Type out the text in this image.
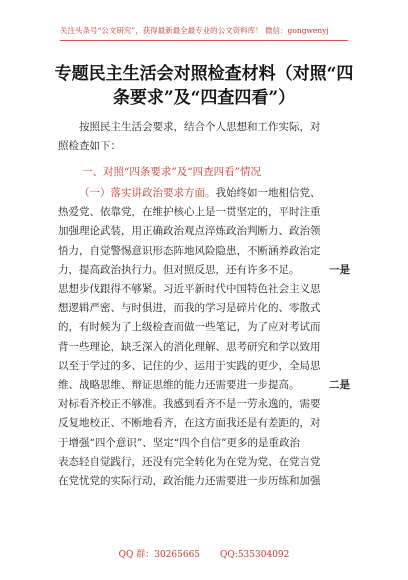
关注头条号“公文研究”，获得最新最全最专业的公文资料库！ 微信：gongwenyj
专题民主生活会对照检查材料（对照“四
条要求”及“四查四看”）
按照民主生活会要求，结合个人思想和工作实际，对
照检查如下：
一、对照“四条要求”及“四查四看”情况
（一）落实讲政治要求方面。我始终如一地相信党、
热爱党、依靠党，在维护核心上是一贯坚定的，平时注重
加强理论武装，用正确政治观点淬炼政治判断力、政治领
悟力，自觉警惕意识形态阵地风险隐患，不断涵养政治定
力，提高政治执行力。但对照反思，还有许多不足。	一是
思想步伐跟得不够紧。习近平新时代中国特色社会主义思
想逻辑严密、与时俱进，而我的学习是碎片化的、零散式
的，有时候为了上级检查而做一些笔记，为了应对考试而
背一些理论，缺乏深入的消化理解、思考研究和学以致用
以至于学过的多、记住的少、运用于实践的更少，全局思
维、战略思维、辩证思维的能力还需要进一步提高。	二是
对标看齐校正不够准。我感到看齐不是一劳永逸的，需要
反复地校正、不断地看齐，在这方面我还是有差距的，对
于增强“四个意识”、坚定“四个自信”更多的是重政治
表态轻自觉践行，还没有完全转化为在党为党、在党言党
在党忧党的实际行动，政治能力还需要进一步历练和加强
QQ 群：30265665 QQ:535304092
